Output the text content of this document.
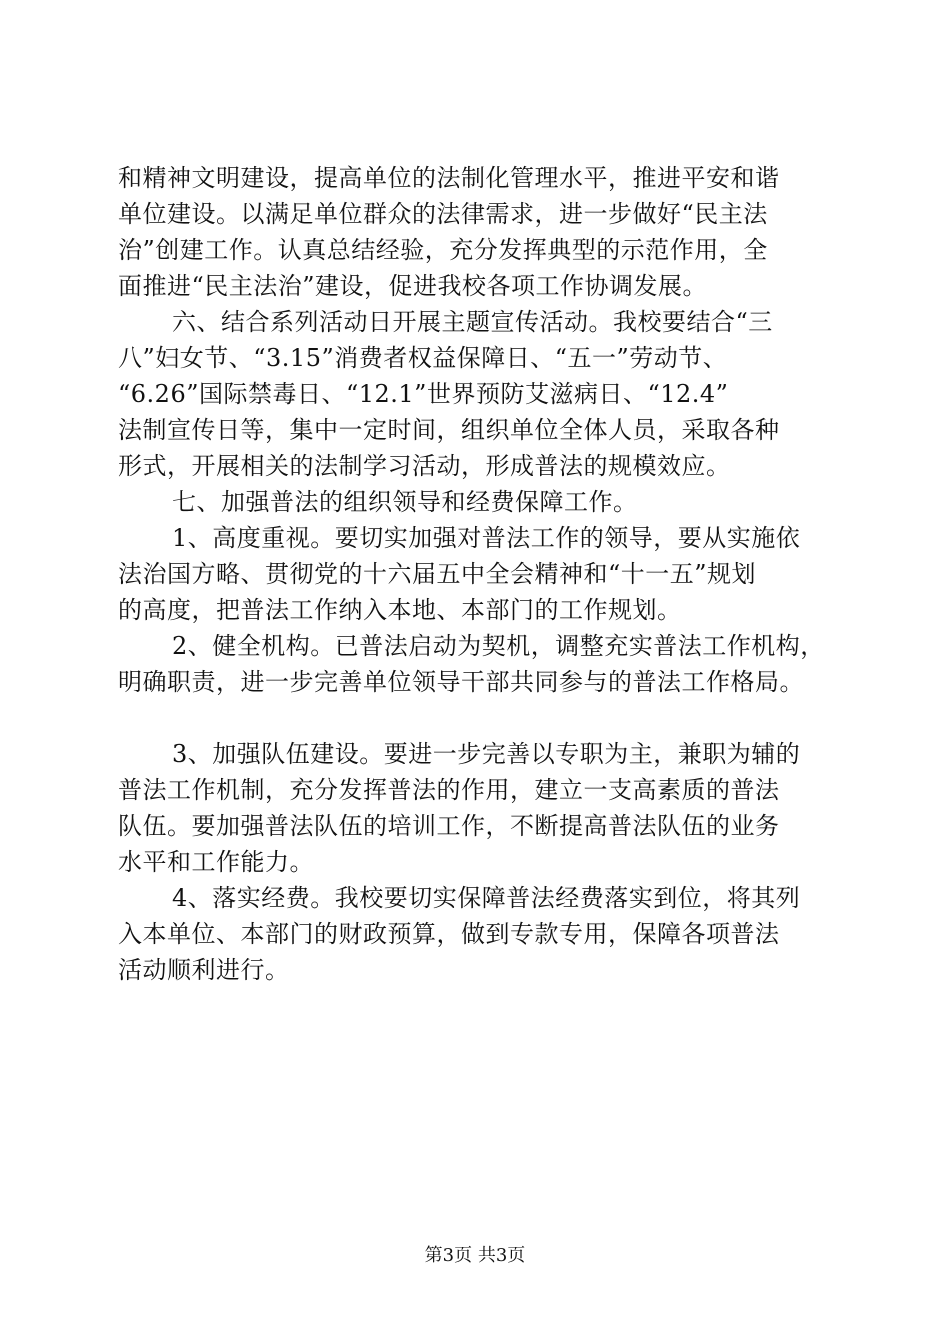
和精神文明建设，提高单位的法制化管理水平，推进平安和谐
单位建设。以满足单位群众的法律需求，进一步做好“民主法
治”创建工作。认真总结经验，充分发挥典型的示范作用，全
面推进“民主法治”建设，促进我校各项工作协调发展。
六、结合系列活动日开展主题宣传活动。我校要结合“三
八”妇女节、“3.15”消费者权益保障日、“五一”劳动节、
“6.26”国际禁毒日、“12.1”世界预防艾滋病日、“12.4”
法制宣传日等，集中一定时间，组织单位全体人员，采取各种
形式，开展相关的法制学习活动，形成普法的规模效应。
七、加强普法的组织领导和经费保障工作。
1、高度重视。要切实加强对普法工作的领导，要从实施依
法治国方略、贯彻党的十六届五中全会精神和“十一五”规划
的高度，把普法工作纳入本地、本部门的工作规划。
2、健全机构。已普法启动为契机，调整充实普法工作机构，
明确职责，进一步完善单位领导干部共同参与的普法工作格局。
3、加强队伍建设。要进一步完善以专职为主，兼职为辅的
普法工作机制，充分发挥普法的作用，建立一支高素质的普法
队伍。要加强普法队伍的培训工作，不断提高普法队伍的业务
水平和工作能力。
4、落实经费。我校要切实保障普法经费落实到位，将其列
入本单位、本部门的财政预算，做到专款专用，保障各项普法
活动顺利进行。
第3页 共3页
